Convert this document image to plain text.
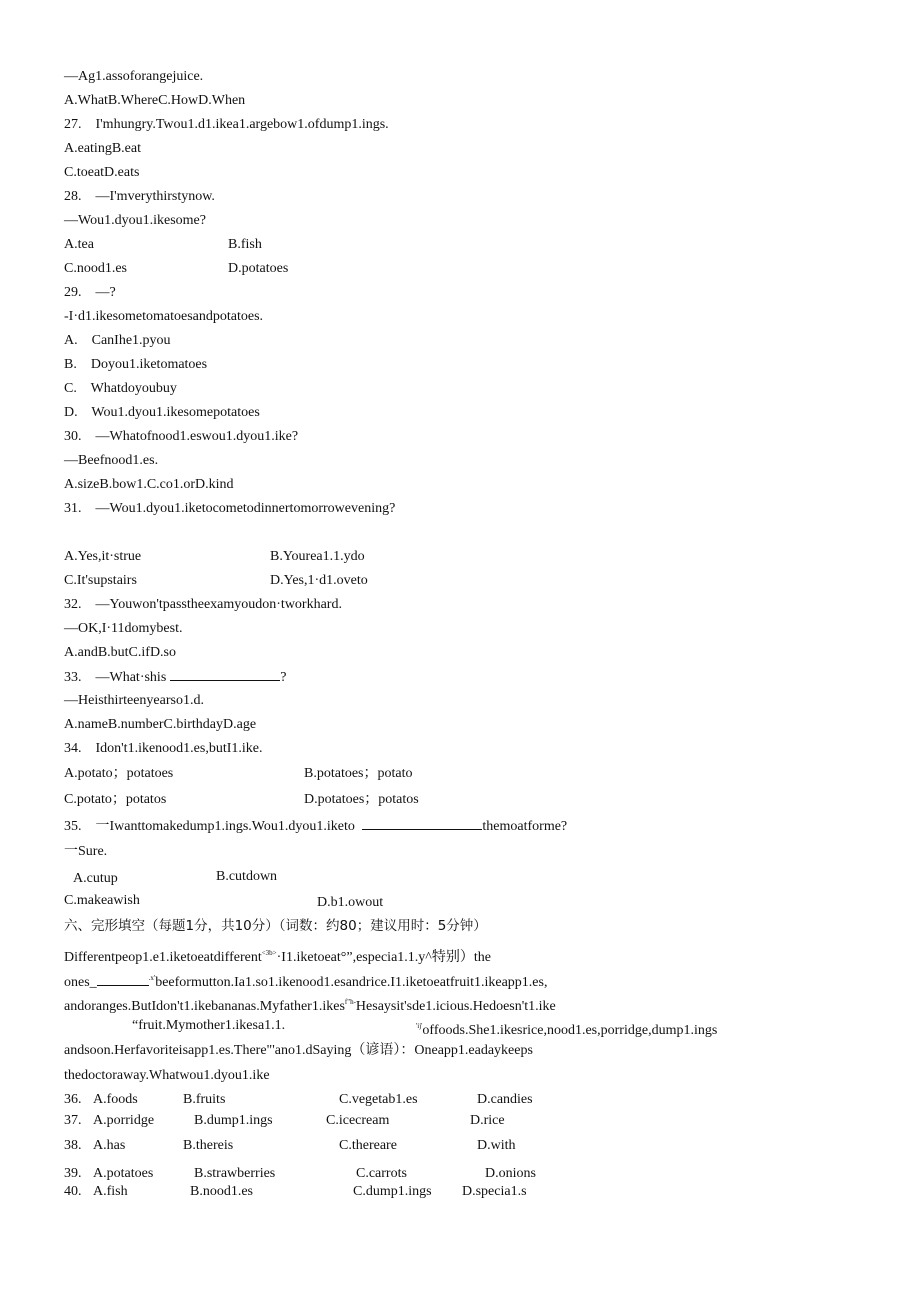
—Ag1.assoforangejuice.
A.WhatB.WhereC.HowD.When
27.    I'mhungry.Twou1.d1.ikea1.argebow1.ofdump1.ings.
A.eatingB.eat
C.toeatD.eats
28.    —I'mverythirstynow.
—Wou1.dyou1.ikesome?
A.tea	B.fish
C.nood1.es	D.potatoes
29.    —?
-I·d1.ikesometomatoesandpotatoes.
A.    CanIhe1.pyou
B.    Doyou1.iketomatoes
C.    Whatdoyoubuy
D.    Wou1.dyou1.ikesomepotatoes
30.    —Whatofnood1.eswou1.dyou1.ike?
—Beefnood1.es.
A.sizeB.bow1.C.co1.orD.kind
31.    —Wou1.dyou1.iketocometodinnertomorrowevening?
A.Yes,it·strue	B.Yourea1.1.ydo
C.It'supstairs	D.Yes,1·d1.oveto
32.    —Youwon'tpasstheexamyoudon·tworkhard.
—OK,I·11domybest.
A.andB.butC.ifD.so
33.    —What·shis	?
—Heisthirteenyearso1.d.
A.nameB.numberC.birthdayD.age
34.    Idon't1.ikenood1.es,butI1.ike.
A.potato；potatoes	B.potatoes；potato
C.potato；potatos	D.potatoes；potatos
35.    一Iwanttomakedump1.ings.Wou1.dyou1.iketo	themoatforme?
一Sure.
A.cutup	B.cutdown
C.makeawish	D.b1.owout
六、完形填空（每题1分，共10分）（词数：约80；建议用时：5分钟）
Differentpeop1.e1.iketoeatdifferent$^{<3b>}$·I1.iketoeat°”,especia1.1.y^特别）the
ones_	$^{.x'}$beeformutton.Ia1.so1.ikenood1.esandrice.I1.iketoeatfruit1.ikeapp1.es,
andoranges.ButIdon't1.ikebananas.Myfather1.ikes$^{f"h-}$Hesaysit'sde1.icious.Hedoesn't1.ike
“fruit.Mymother1.ikesa1.1.	$^{'ij'}$offoods.She1.ikesrice,nood1.es,porridge,dump1.ings
andsoon.Herfavoriteisapp1.es.There"'ano1.dSaying（谚语）：Oneapp1.eadaykeeps
thedoctoraway.Whatwou1.dyou1.ike
36. A.foods	B.fruits	C.vegetab1.es	D.candies
37. A.porridge	B.dump1.ings	C.icecream	D.rice
38. A.has	B.thereis	C.thereare	D.with
39. A.potatoes	B.strawberries	C.carrots	D.onions
40. A.fish	B.nood1.es	C.dump1.ings D.specia1.s
